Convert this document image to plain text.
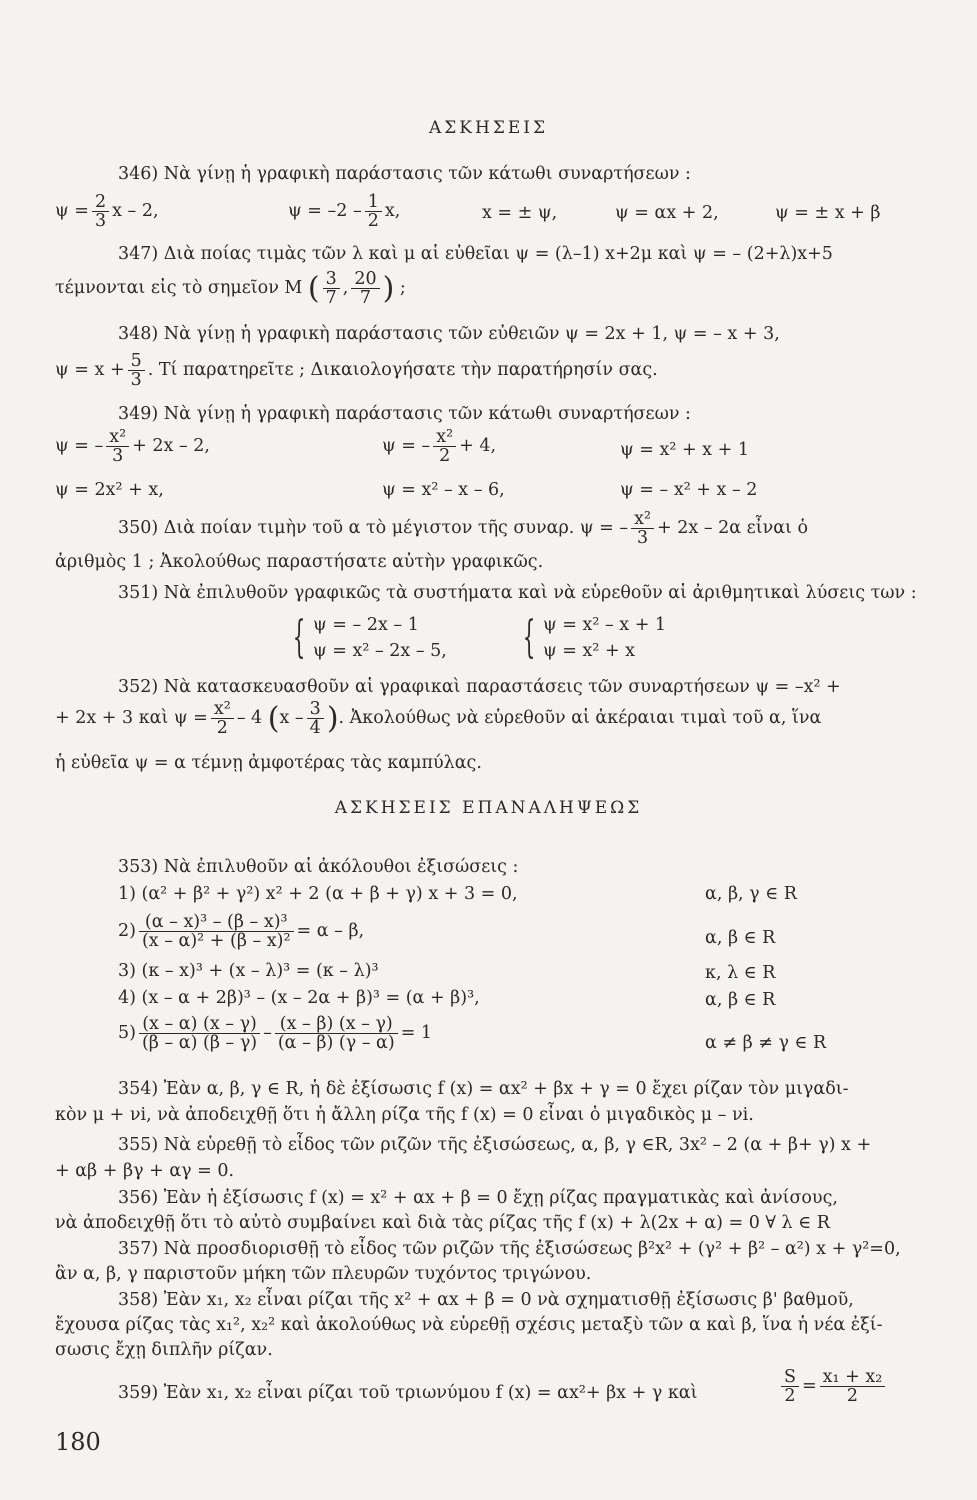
ΑΣΚΗΣΕΙΣ
346) Νὰ γίνῃ ἡ γραφικὴ παράστασις τῶν κάτωθι συναρτήσεων :
$\psi = \frac{2}{3}$ x – 2,	$\psi = -2 - \frac{1}{2} x$,	x = ± ψ,	ψ = αx + 2,	ψ = ± x + β
347) Διὰ ποίας τιμὰς τῶν λ καὶ μ αἱ εὐθεῖαι ψ = (λ–1) x+2μ καὶ ψ = – (2+λ)x+5
τέμνονται εἰς τὸ σημεῖον M ( $\frac{3}{7}$ , $\frac{20}{7}$ ) ;
348) Νὰ γίνῃ ἡ γραφικὴ παράστασις τῶν εὐθειῶν ψ = 2x + 1, ψ = – x + 3,
$\psi = x + \frac{5}{3}$ . Τί παρατηρεῖτε ; Δικαιολογήσατε τὴν παρατήρησίν σας.
349) Νὰ γίνῃ ἡ γραφικὴ παράστασις τῶν κάτωθι συναρτήσεων :
ψ = – $\frac{\text{x²}}{3} + 2x - 2$,	ψ = – $\frac{\text{x²}}{2} + 4$,	ψ = x² + x + 1
ψ = 2x² + x,	ψ = x² – x – 6,	ψ = – x² + x – 2
350) Διὰ ποίαν τιμὴν τοῦ α τὸ μέγιστον τῆς συναρ. ψ = – $\frac{\text{x²}}{3} + 2x - 2\alpha$ εἶναι ὁ
ἀριθμὸς 1 ; Ἀκολούθως παραστήσατε αὐτὴν γραφικῶς.
351) Νὰ ἐπιλυθοῦν γραφικῶς τὰ συστήματα καὶ νὰ εὑρεθοῦν αἱ ἀριθμητικαὶ λύσεις των :
{ ψ = – 2x – 1
ψ = x² – 2x – 5, { ψ = x² – x + 1
ψ = x² + x
352) Νὰ κατασκευασθοῦν αἱ γραφικαὶ παραστάσεις τῶν συναρτήσεων ψ = –x² +
+ 2x + 3 καὶ $\psi = \frac{\text{x²}}{2} - 4$ ($x - \frac{3}{4}$ ). Ἀκολούθως νὰ εὑρεθοῦν αἱ ἀκέραιαι τιμαὶ τοῦ α, ἵνα
ἡ εὐθεῖα ψ = α τέμνῃ ἀμφοτέρας τὰς καμπύλας.
ΑΣΚΗΣΕΙΣ ΕΠΑΝΑΛΗΨΕΩΣ
353) Νὰ ἐπιλυθοῦν αἱ ἀκόλουθοι ἐξισώσεις :
1) (α² + β² + γ²) x² + 2 (α + β + γ) x + 3 = 0,	α, β, γ ∈ R
$2) \frac{\text{(α – x)³ – (β – x)³}}{\text{(x – α)² + (β – x)²}} = \alpha - \beta$,	α, β ∈ R
3) (κ – x)³ + (x – λ)³ = (κ – λ)³	κ, λ ∈ R
4) (x – α + 2β)³ – (x – 2α + β)³ = (α + β)³,	α, β ∈ R
$5) \frac{(x - \alpha) (x - \gamma)}{(\beta - \alpha) (\beta - \gamma)} - \frac{(x - \beta) (x - \gamma)}{(\alpha - \beta) (\gamma - \alpha)} = 1$	α ≠ β ≠ γ ∈ R
354) Ἐὰν α, β, γ ∈ R, ἡ δὲ ἐξίσωσις f (x) = αx² + βx + γ = 0 ἔχει ρίζαν τὸν μιγαδι-
κὸν μ + νi, νὰ ἀποδειχθῇ ὅτι ἡ ἄλλη ρίζα τῆς f (x) = 0 εἶναι ὁ μιγαδικὸς μ – νi.
355) Νὰ εὑρεθῇ τὸ εἶδος τῶν ριζῶν τῆς ἐξισώσεως, α, β, γ ∈R, 3x² – 2 (α + β+ γ) x +
+ αβ + βγ + αγ = 0.
356) Ἐὰν ἡ ἐξίσωσις f (x) = x² + αx + β = 0 ἔχῃ ρίζας πραγματικὰς καὶ ἀνίσους,
νὰ ἀποδειχθῇ ὅτι τὸ αὐτὸ συμβαίνει καὶ διὰ τὰς ρίζας τῆς f (x) + λ(2x + α) = 0 ∀ λ ∈ R
357) Νὰ προσδιορισθῇ τὸ εἶδος τῶν ριζῶν τῆς ἐξισώσεως β²x² + (γ² + β² – α²) x + γ²=0,
ἂν α, β, γ παριστοῦν μήκη τῶν πλευρῶν τυχόντος τριγώνου.
358) Ἐὰν x₁, x₂ εἶναι ρίζαι τῆς x² + αx + β = 0 νὰ σχηματισθῇ ἐξίσωσις β' βαθμοῦ,
ἔχουσα ρίζας τὰς x₁², x₂² καὶ ἀκολούθως νὰ εὑρεθῇ σχέσις μεταξὺ τῶν α καὶ β, ἵνα ἡ νέα ἐξί-
σωσις ἔχῃ διπλῆν ρίζαν.
359) Ἐὰν x₁, x₂ εἶναι ρίζαι τοῦ τριωνύμου f (x) = αx²+ βx + γ καὶ	$\frac{S}{2} = \frac{\text{x₁ + x₂}}{2}$
180
